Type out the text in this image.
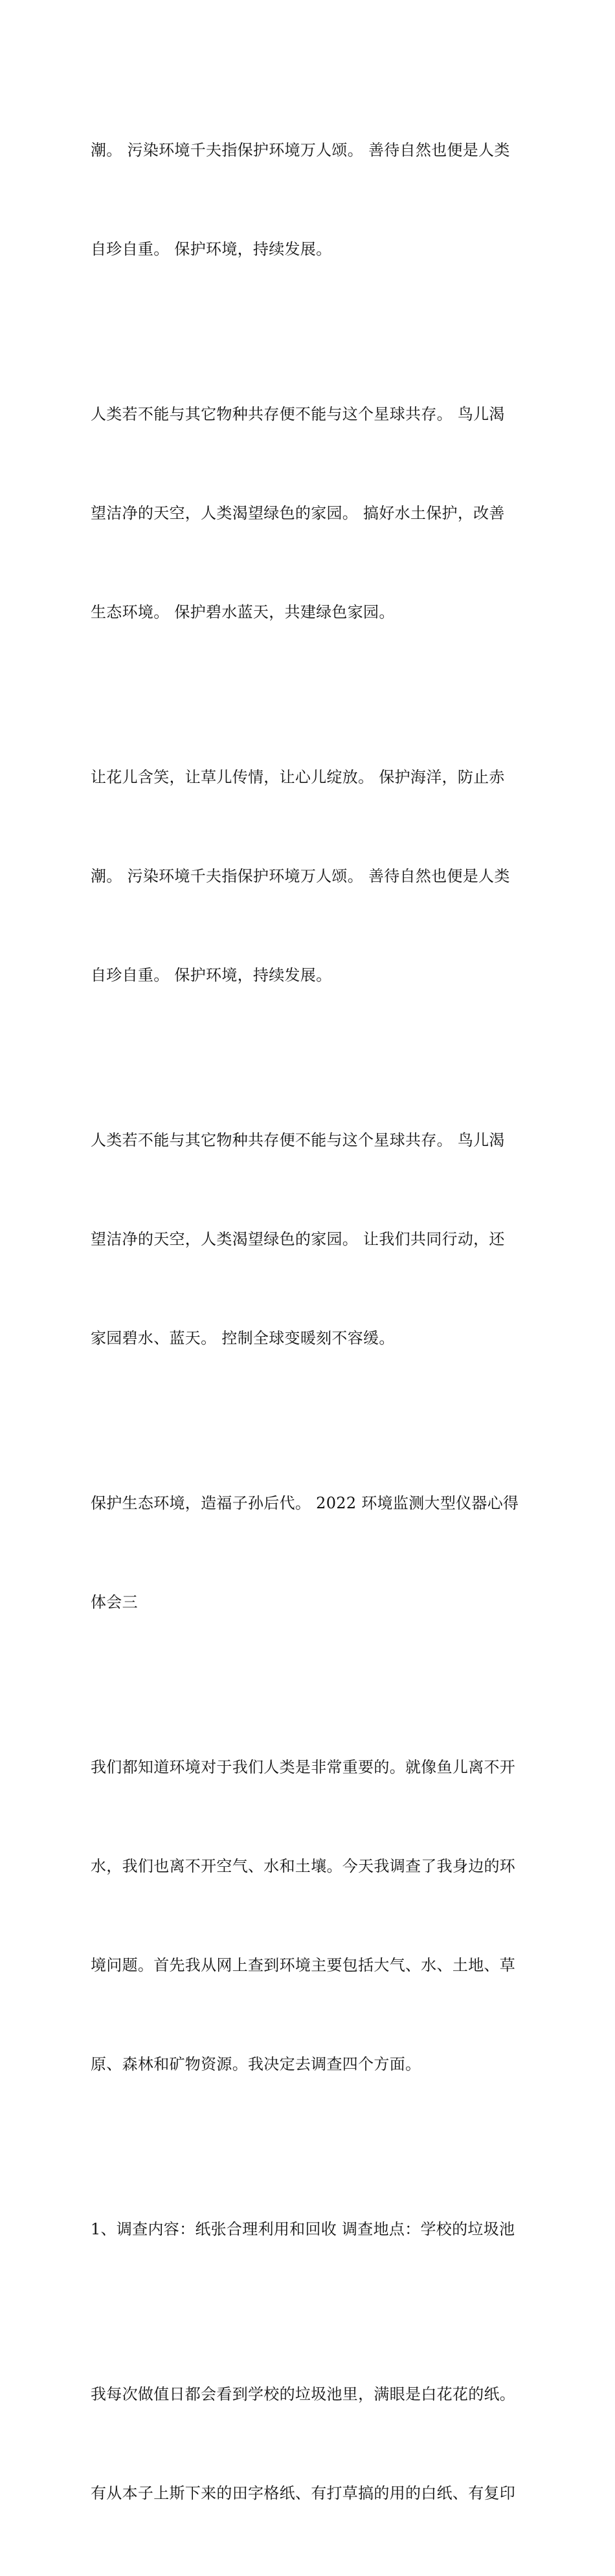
潮。 污染环境千夫指保护环境万人颂。 善待自然也便是人类

自珍自重。 保护环境，持续发展。

人类若不能与其它物种共存便不能与这个星球共存。 鸟儿渴

望洁净的天空，人类渴望绿色的家园。 搞好水土保护，改善

生态环境。 保护碧水蓝天，共建绿色家园。

让花儿含笑，让草儿传情，让心儿绽放。 保护海洋，防止赤

潮。 污染环境千夫指保护环境万人颂。 善待自然也便是人类

自珍自重。 保护环境，持续发展。

人类若不能与其它物种共存便不能与这个星球共存。 鸟儿渴

望洁净的天空，人类渴望绿色的家园。 让我们共同行动，还

家园碧水、蓝天。 控制全球变暖刻不容缓。

保护生态环境，造福子孙后代。 2022 环境监测大型仪器心得

体会三

我们都知道环境对于我们人类是非常重要的。就像鱼儿离不开

水，我们也离不开空气、水和土壤。今天我调查了我身边的环

境问题。首先我从网上查到环境主要包括大气、水、土地、草

原、森林和矿物资源。我决定去调查四个方面。

1、调查内容：纸张合理利用和回收 调查地点：学校的垃圾池

我每次做值日都会看到学校的垃圾池里，满眼是白花花的纸。

有从本子上斯下来的田字格纸、有打草搞的用的白纸、有复印
